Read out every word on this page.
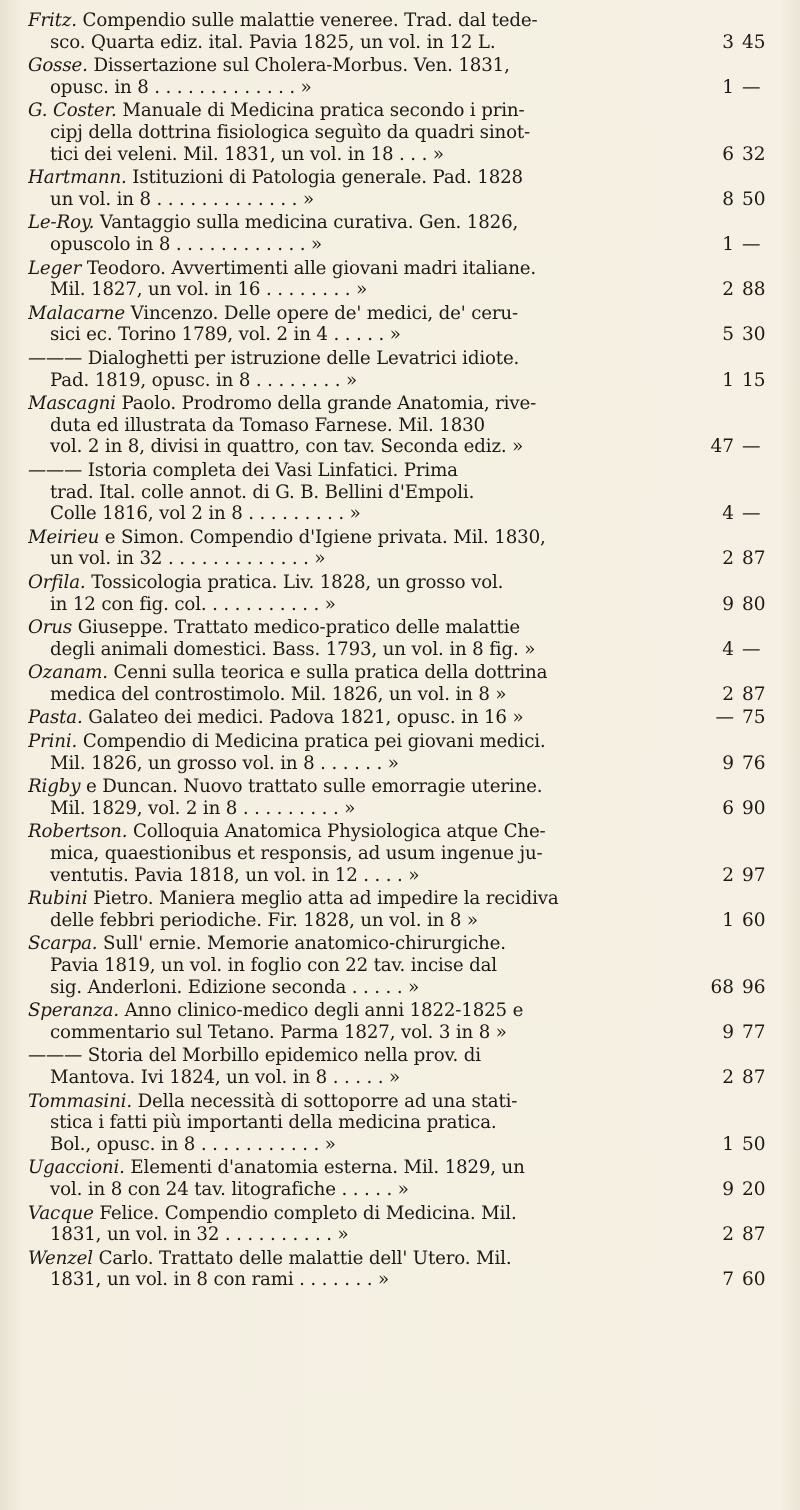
Fritz. Compendio sulle malattie veneree. Trad. dal tede-
sco. Quarta ediz. ital. Pavia 1825, un vol. in 12 L.	3 45
Gosse. Dissertazione sul Cholera-Morbus. Ven. 1831,
opusc. in 8 . . . . . . . . . . . . . »	1 —
G. Coster. Manuale di Medicina pratica secondo i prin-
cipj della dottrina fisiologica seguìto da quadri sinot-
tici dei veleni. Mil. 1831, un vol. in 18 . . . »	6 32
Hartmann. Istituzioni di Patologia generale. Pad. 1828
un vol. in 8 . . . . . . . . . . . . . »	8 50
Le-Roy. Vantaggio sulla medicina curativa. Gen. 1826,
opuscolo in 8 . . . . . . . . . . . . »	1 —
Leger Teodoro. Avvertimenti alle giovani madri italiane.
Mil. 1827, un vol. in 16 . . . . . . . . »	2 88
Malacarne Vincenzo. Delle opere de' medici, de' ceru-
sici ec. Torino 1789, vol. 2 in 4 . . . . . »	5 30
——— Dialoghetti per istruzione delle Levatrici idiote.
Pad. 1819, opusc. in 8 . . . . . . . . »	1 15
Mascagni Paolo. Prodromo della grande Anatomia, rive-
duta ed illustrata da Tomaso Farnese. Mil. 1830
vol. 2 in 8, divisi in quattro, con tav. Seconda ediz. »	47 —
——— Istoria completa dei Vasi Linfatici. Prima
trad. Ital. colle annot. di G. B. Bellini d'Empoli.
Colle 1816, vol 2 in 8 . . . . . . . . . »	4 —
Meirieu e Simon. Compendio d'Igiene privata. Mil. 1830,
un vol. in 32 . . . . . . . . . . . . . »	2 87
Orfila. Tossicologia pratica. Liv. 1828, un grosso vol.
in 12 con fig. col. . . . . . . . . . . »	9 80
Orus Giuseppe. Trattato medico-pratico delle malattie
degli animali domestici. Bass. 1793, un vol. in 8 fig. »	4 —
Ozanam. Cenni sulla teorica e sulla pratica della dottrina
medica del controstimolo. Mil. 1826, un vol. in 8 »	2 87
Pasta. Galateo dei medici. Padova 1821, opusc. in 16 »	— 75
Prini. Compendio di Medicina pratica pei giovani medici.
Mil. 1826, un grosso vol. in 8 . . . . . . »	9 76
Rigby e Duncan. Nuovo trattato sulle emorragie uterine.
Mil. 1829, vol. 2 in 8 . . . . . . . . . »	6 90
Robertson. Colloquia Anatomica Physiologica atque Che-
mica, quaestionibus et responsis, ad usum ingenue ju-
ventutis. Pavia 1818, un vol. in 12 . . . . »	2 97
Rubini Pietro. Maniera meglio atta ad impedire la recidiva
delle febbri periodiche. Fir. 1828, un vol. in 8 »	1 60
Scarpa. Sull' ernie. Memorie anatomico-chirurgiche.
Pavia 1819, un vol. in foglio con 22 tav. incise dal
sig. Anderloni. Edizione seconda . . . . . »	68 96
Speranza. Anno clinico-medico degli anni 1822-1825 e
commentario sul Tetano. Parma 1827, vol. 3 in 8 »	9 77
——— Storia del Morbillo epidemico nella prov. di
Mantova. Ivi 1824, un vol. in 8 . . . . . »	2 87
Tommasini. Della necessità di sottoporre ad una stati-
stica i fatti più importanti della medicina pratica.
Bol., opusc. in 8 . . . . . . . . . . . »	1 50
Ugaccioni. Elementi d'anatomia esterna. Mil. 1829, un
vol. in 8 con 24 tav. litografiche . . . . . »	9 20
Vacque Felice. Compendio completo di Medicina. Mil.
1831, un vol. in 32 . . . . . . . . . . »	2 87
Wenzel Carlo. Trattato delle malattie dell' Utero. Mil.
1831, un vol. in 8 con rami . . . . . . . »	7 60
